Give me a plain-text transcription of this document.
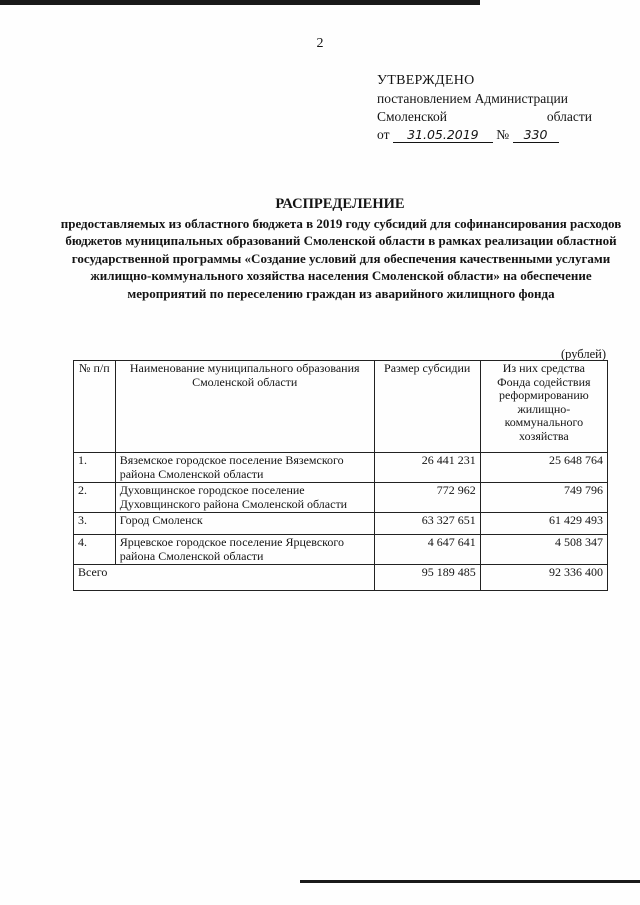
2
УТВЕРЖДЕНО
постановлением Администрации
Смоленской	области
от 31.05.2019 № 330
РАСПРЕДЕЛЕНИЕ
предоставляемых из областного бюджета в 2019 году субсидий для софинансирования расходов бюджетов муниципальных образований Смоленской области в рамках реализации областной государственной программы «Создание условий для обеспечения качественными услугами жилищно-коммунального хозяйства населения Смоленской области» на обеспечение мероприятий по переселению граждан из аварийного жилищного фонда
(рублей)
№ п/п	Наименование муниципального образования Смоленской области	Размер субсидии	Из них средства Фонда содействия реформированию жилищно-коммунального хозяйства
1.	Вяземское городское поселение Вяземского района Смоленской области	26 441 231	25 648 764
2.	Духовщинское городское поселение Духовщинского района Смоленской области	772 962	749 796
3.	Город Смоленск	63 327 651	61 429 493
4.	Ярцевское городское поселение Ярцевского района Смоленской области	4 647 641	4 508 347
Всего		95 189 485	92 336 400
